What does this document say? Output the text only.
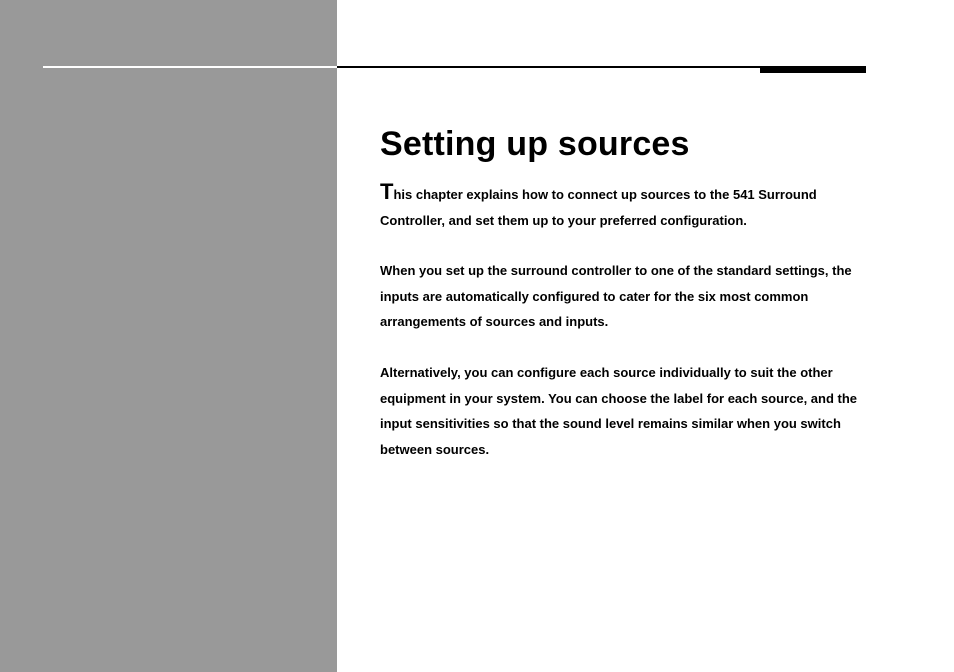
Setting up sources

This chapter explains how to connect up sources to the 541 Surround Controller, and set them up to your preferred configuration.

When you set up the surround controller to one of the standard settings, the inputs are automatically configured to cater for the six most common arrangements of sources and inputs.

Alternatively, you can configure each source individually to suit the other equipment in your system. You can choose the label for each source, and the input sensitivities so that the sound level remains similar when you switch between sources.
